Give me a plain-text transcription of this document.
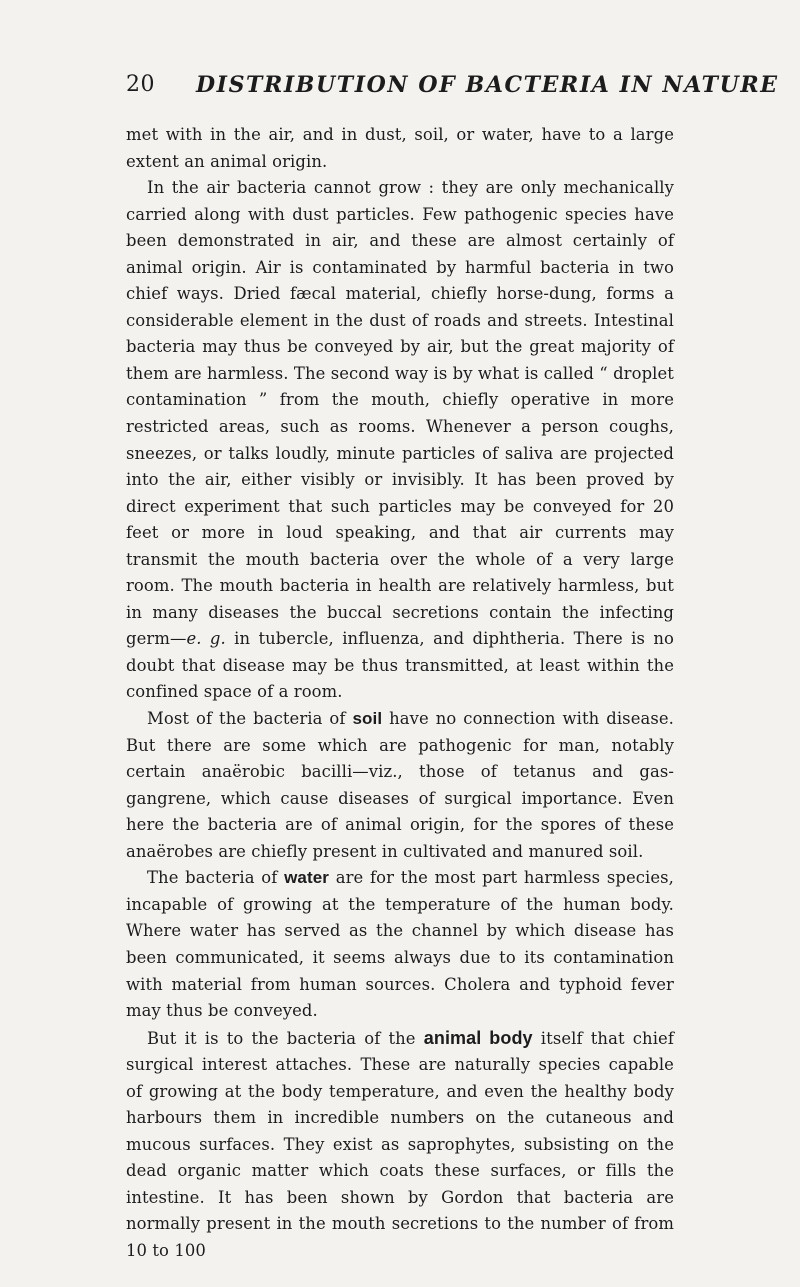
20 DISTRIBUTION OF BACTERIA IN NATURE

met with in the air, and in dust, soil, or water, have to a large extent an animal origin.

In the air bacteria cannot grow : they are only mechanically carried along with dust particles. Few pathogenic species have been demonstrated in air, and these are almost certainly of animal origin. Air is contaminated by harmful bacteria in two chief ways. Dried fæcal material, chiefly horse-dung, forms a considerable element in the dust of roads and streets. Intestinal bacteria may thus be conveyed by air, but the great majority of them are harmless. The second way is by what is called “ droplet contamination ” from the mouth, chiefly operative in more restricted areas, such as rooms. Whenever a person coughs, sneezes, or talks loudly, minute particles of saliva are projected into the air, either visibly or invisibly. It has been proved by direct experiment that such particles may be conveyed for 20 feet or more in loud speaking, and that air currents may transmit the mouth bacteria over the whole of a very large room. The mouth bacteria in health are relatively harmless, but in many diseases the buccal secretions contain the infecting germ—e. g. in tubercle, influenza, and diphtheria. There is no doubt that disease may be thus transmitted, at least within the confined space of a room.

Most of the bacteria of soil have no connection with disease. But there are some which are pathogenic for man, notably certain anaërobic bacilli—viz., those of tetanus and gas-gangrene, which cause diseases of surgical importance. Even here the bacteria are of animal origin, for the spores of these anaërobes are chiefly present in cultivated and manured soil.

The bacteria of water are for the most part harmless species, incapable of growing at the temperature of the human body. Where water has served as the channel by which disease has been communicated, it seems always due to its contamination with material from human sources. Cholera and typhoid fever may thus be conveyed.

But it is to the bacteria of the animal body itself that chief surgical interest attaches. These are naturally species capable of growing at the body temperature, and even the healthy body harbours them in incredible numbers on the cutaneous and mucous surfaces. They exist as saprophytes, subsisting on the dead organic matter which coats these surfaces, or fills the intestine. It has been shown by Gordon that bacteria are normally present in the mouth secretions to the number of from 10 to 100
